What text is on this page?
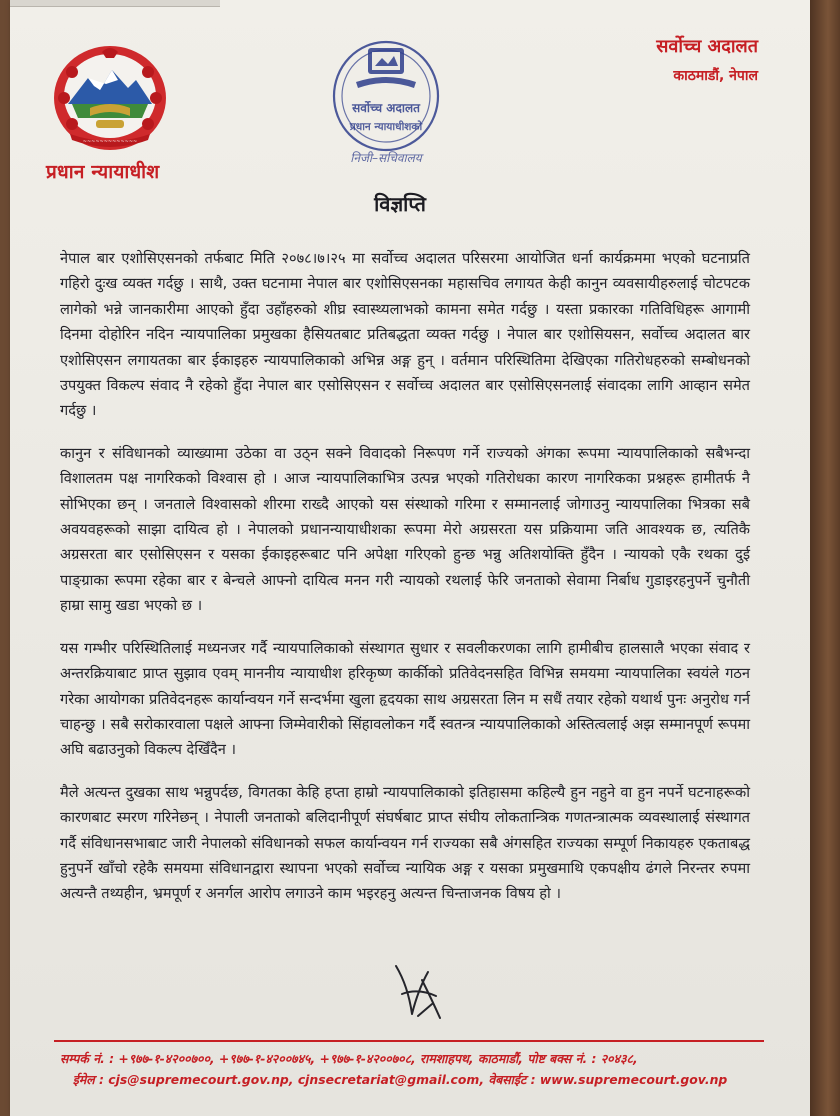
~~~~~~~~~~~~~
प्रधान न्यायाधीश
सर्वोच्च अदालत
प्रधान न्यायाधीशको
निजी–सचिवालय
सर्वोच्च अदालत
काठमाडौं, नेपाल
विज्ञप्ति

नेपाल बार एशोसिएसनको तर्फबाट मिति २०७८।७।२५ मा सर्वोच्च अदालत परिसरमा आयोजित धर्ना कार्यक्रममा भएको घटनाप्रति गहिरो दुःख व्यक्त गर्दछु । साथै, उक्त घटनामा नेपाल बार एशोसिएसनका महासचिव लगायत केही कानुन व्यवसायीहरुलाई चोटपटक लागेको भन्ने जानकारीमा आएको हुँदा उहाँहरुको शीघ्र स्वास्थ्यलाभको कामना समेत गर्दछु । यस्ता प्रकारका गतिविधिहरू आगामी दिनमा दोहोरिन नदिन न्यायपालिका प्रमुखका हैसियतबाट प्रतिबद्धता व्यक्त गर्दछु । नेपाल बार एशोसियसन, सर्वोच्च अदालत बार एशोसिएसन लगायतका बार ईकाइहरु न्यायपालिकाको अभिन्न अङ्ग हुन् । वर्तमान परिस्थितिमा देखिएका गतिरोधहरुको सम्बोधनको उपयुक्त विकल्प संवाद नै रहेको हुँदा नेपाल बार एसोसिएसन र सर्वोच्च अदालत बार एसोसिएसनलाई संवादका लागि आव्हान समेत गर्दछु ।

कानुन र संविधानको व्याख्यामा उठेका वा उठ्न सक्ने विवादको निरूपण गर्ने राज्यको अंगका रूपमा न्यायपालिकाको सबैभन्दा विशालतम पक्ष नागरिकको विश्वास हो । आज न्यायपालिकाभित्र उत्पन्न भएको गतिरोधका कारण नागरिकका प्रश्नहरू हामीतर्फ नै सोभिएका छन् । जनताले विश्वासको शीरमा राख्दै आएको यस संस्थाको गरिमा र सम्मानलाई जोगाउनु न्यायपालिका भित्रका सबै अवयवहरूको साझा दायित्व हो । नेपालको प्रधानन्यायाधीशका रूपमा मेरो अग्रसरता यस प्रक्रियामा जति आवश्यक छ, त्यतिकै अग्रसरता बार एसोसिएसन र यसका ईकाइहरूबाट पनि अपेक्षा गरिएको हुन्छ भन्नु अतिशयोक्ति हुँदैन । न्यायको एकै रथका दुई पाङ्ग्राका रूपमा रहेका बार र बेन्चले आफ्नो दायित्व मनन गरी न्यायको रथलाई फेरि जनताको सेवामा निर्बाध गुडाइरहनुपर्ने चुनौती हाम्रा सामु खडा भएको छ ।

यस गम्भीर परिस्थितिलाई मध्यनजर गर्दै न्यायपालिकाको संस्थागत सुधार र सवलीकरणका लागि हामीबीच हालसालै भएका संवाद र अन्तरक्रियाबाट प्राप्त सुझाव एवम् माननीय न्यायाधीश हरिकृष्ण कार्कीको प्रतिवेदनसहित विभिन्न समयमा न्यायपालिका स्वयंले गठन गरेका आयोगका प्रतिवेदनहरू कार्यान्वयन गर्ने सन्दर्भमा खुला हृदयका साथ अग्रसरता लिन म सधैं तयार रहेको यथार्थ पुनः अनुरोध गर्न चाहन्छु । सबै सरोकारवाला पक्षले आफ्ना जिम्मेवारीको सिंहावलोकन गर्दै स्वतन्त्र न्यायपालिकाको अस्तित्वलाई अझ सम्मानपूर्ण रूपमा अघि बढाउनुको विकल्प देखिँदैन ।

मैले अत्यन्त दुखका साथ भन्नुपर्दछ, विगतका केहि हप्ता हाम्रो न्यायपालिकाको इतिहासमा कहिल्यै हुन नहुने वा हुन नपर्ने घटनाहरूको कारणबाट स्मरण गरिनेछन् । नेपाली जनताको बलिदानीपूर्ण संघर्षबाट प्राप्त संघीय लोकतान्त्रिक गणतन्त्रात्मक व्यवस्थालाई संस्थागत गर्दै संविधानसभाबाट जारी नेपालको संविधानको सफल कार्यान्वयन गर्न राज्यका सबै अंगसहित राज्यका सम्पूर्ण निकायहरु एकताबद्ध हुनुपर्ने खाँचो रहेकै समयमा संविधानद्वारा स्थापना भएको सर्वोच्च न्यायिक अङ्ग र यसका प्रमुखमाथि एकपक्षीय ढंगले निरन्तर रुपमा अत्यन्तै तथ्यहीन, भ्रमपूर्ण र अनर्गल आरोप लगाउने काम भइरहनु अत्यन्त चिन्ताजनक विषय हो ।

सम्पर्क नं. : +९७७-१-४२००७००, +९७७-१-४२००७४५, +९७७-१-४२००७०८, रामशाहपथ, काठमाडौं, पोष्ट बक्स नं. : २०४३८,
ईमेल : cjs@supremecourt.gov.np, cjnsecretariat@gmail.com, वेबसाईट : www.supremecourt.gov.np
